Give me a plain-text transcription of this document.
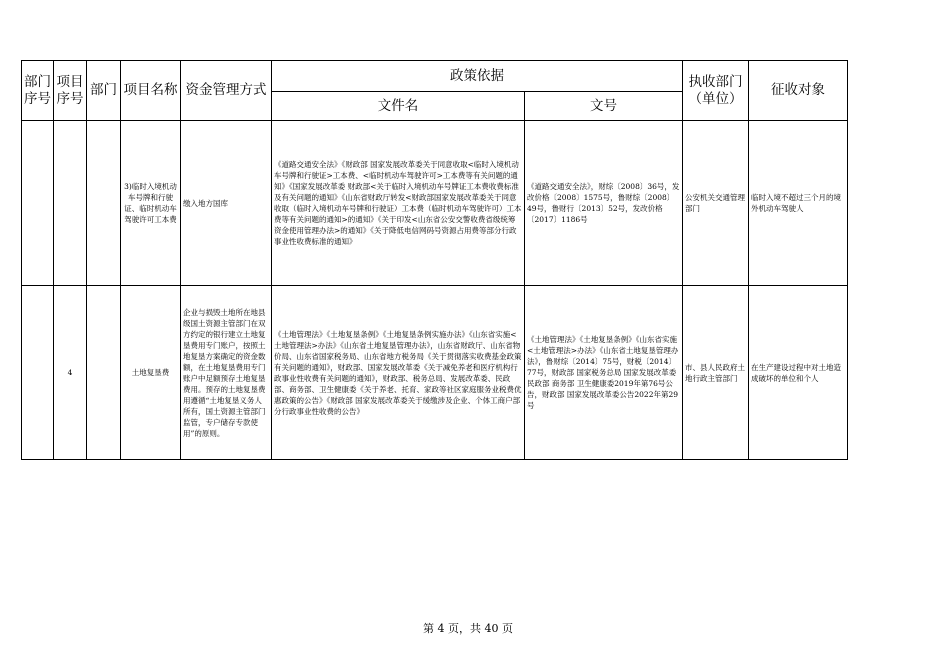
部门序号	项目序号	部门	项目名称	资金管理方式	政策依据		执收部门（单位）	征收对象
					文件名	文号		
			3)临时入境机动车号牌和行驶证、临时机动车驾驶许可工本费	缴入地方国库	《道路交通安全法》《财政部 国家发展改革委关于同意收取<临时入境机动车号牌和行驶证>工本费、<临时机动车驾驶许可>工本费等有关问题的通知》《国家发展改革委 财政部<关于临时入境机动车号牌证工本费收费标准及有关问题的通知》《山东省财政厅转发<财政部国家发展改革委关于同意收取（临时入境机动车号牌和行驶证）工本费（临时机动车驾驶许可）工本费等有关问题的通知>的通知》《关于印发<山东省公安交警收费省级统筹资金使用管理办法>的通知》《关于降低电信网码号资源占用费等部分行政事业性收费标准的通知》	《道路交通安全法》，财综〔2008〕36号，发改价格〔2008〕1575号，鲁财综〔2008〕49号，鲁财行〔2013〕52号，发改价格〔2017〕1186号	公安机关交通管理部门	临时入境不超过三个月的境外机动车驾驶人
	4		土地复垦费	企业与损毁土地所在地县级国土资源主管部门在双方约定的银行建立土地复垦费用专门账户，按照土地复垦方案确定的资金数额，在土地复垦费用专门账户中足额预存土地复垦费用。预存的土地复垦费用遵循“土地复垦义务人所有，国土资源主管部门监管，专户储存专款使用”的原则。	《土地管理法》《土地复垦条例》《土地复垦条例实施办法》《山东省实施<土地管理法>办法》《山东省土地复垦管理办法》，山东省财政厅、山东省物价局、山东省国家税务局、山东省地方税务局《关于贯彻落实收费基金政策有关问题的通知》，财政部、国家发展改革委《关于减免养老和医疗机构行政事业性收费有关问题的通知》，财政部、税务总局、发展改革委、民政部、商务部、卫生健康委《关于养老、托育、家政等社区家庭服务业税费优惠政策的公告》《财政部 国家发展改革委关于缓缴涉及企业、个体工商户部分行政事业性收费的公告》	《土地管理法》《土地复垦条例》《山东省实施<土地管理法>办法》《山东省土地复垦管理办法》，鲁财综〔2014〕75号，财税〔2014〕77号，财政部 国家税务总局 国家发展改革委 民政部 商务部 卫生健康委2019年第76号公告，财政部 国家发展改革委公告2022年第29号	市、县人民政府土地行政主管部门	在生产建设过程中对土地造成破坏的单位和个人
第 4 页，共 40 页
